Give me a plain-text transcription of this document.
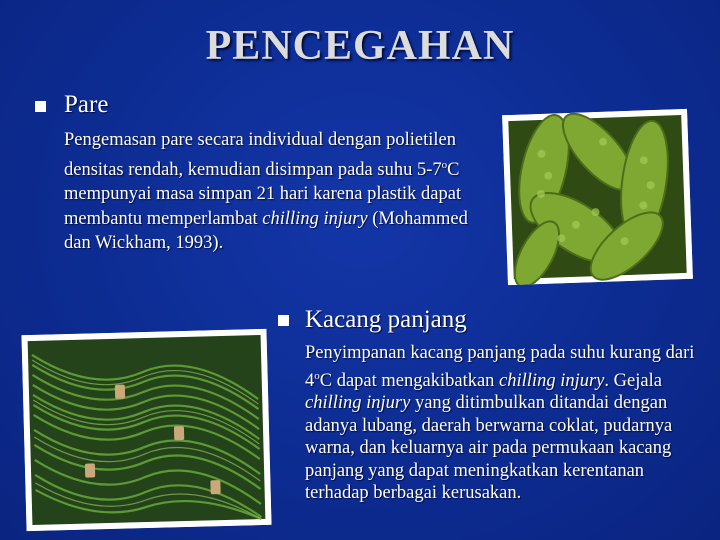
PENCEGAHAN
Pare
Pengemasan pare secara individual dengan polietilen densitas rendah, kemudian disimpan pada suhu 5-7$^o$C mempunyai masa simpan 21 hari karena plastik dapat membantu memperlambat chilling injury (Mohammed dan Wickham, 1993).
Kacang panjang
Penyimpanan kacang panjang pada suhu kurang dari 4$^o$C dapat mengakibatkan chilling injury. Gejala chilling injury yang ditimbulkan ditandai dengan adanya lubang, daerah berwarna coklat, pudarnya warna, dan keluarnya air pada permukaan kacang panjang yang dapat meningkatkan kerentanan terhadap berbagai kerusakan.
